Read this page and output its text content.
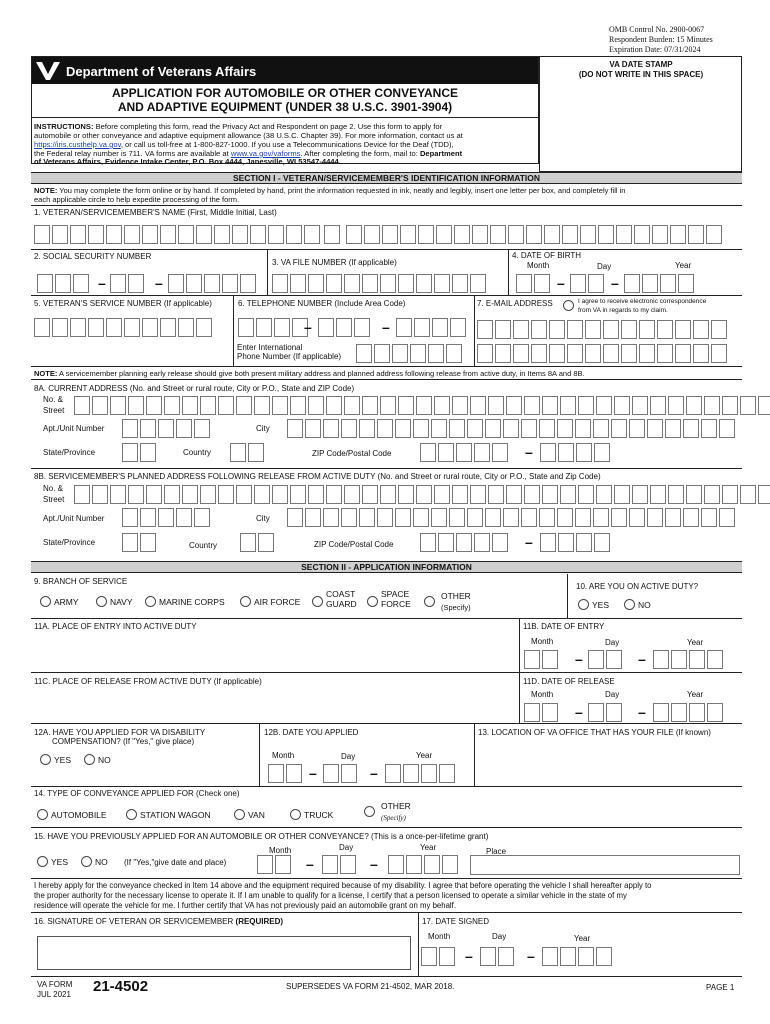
OMB Control No. 2900-0067
Respondent Burden: 15 Minutes
Expiration Date: 07/31/2024
Department of Veterans Affairs
APPLICATION FOR AUTOMOBILE OR OTHER CONVEYANCE
AND ADAPTIVE EQUIPMENT (UNDER 38 U.S.C. 3901-3904)
VA DATE STAMP
(DO NOT WRITE IN THIS SPACE)
INSTRUCTIONS: Before completing this form, read the Privacy Act and Respondent on page 2. Use this form to apply for
automobile or other conveyance and adaptive equipment allowance (38 U.S.C. Chapter 39). For more information, contact us at
https://iris.custhelp.va.gov, or call us toll-free at 1-800-827-1000. If you use a Telecommunications Device for the Deaf (TDD),
the Federal relay number is 711. VA forms are available at www.va.gov/vaforms. After completing the form, mail to: Department
of Veterans Affairs, Evidence Intake Center, P.O. Box 4444, Janesville, WI 53547-4444.
SECTION I - VETERAN/SERVICEMEMBER'S IDENTIFICATION INFORMATION
NOTE: You may complete the form online or by hand. If completed by hand, print the information requested in ink, neatly and legibly, insert one letter per box, and completely fill in
each applicable circle to help expedite processing of the form.
1. VETERAN/SERVICEMEMBER'S NAME (First, Middle Initial, Last)
2. SOCIAL SECURITY NUMBER
3. VA FILE NUMBER (If applicable)
4. DATE OF BIRTH
Month	Day	Year
–	–	–	–
5. VETERAN'S SERVICE NUMBER (If applicable)	6. TELEPHONE NUMBER (Include Area Code)	7. E-MAIL ADDRESS	I agree to receive electronic correspondence
from VA in regards to my claim.
–	–
Enter International
Phone Number (If applicable)
NOTE: A servicemember planning early release should give both present military address and planned address following release from active duty, in Items 8A and 8B.
8A. CURRENT ADDRESS (No. and Street or rural route, City or P.O., State and ZIP Code)
No. &
Street
Apt./Unit Number	City
State/Province	Country	ZIP Code/Postal Code	–
8B. SERVICEMEMBER'S PLANNED ADDRESS FOLLOWING RELEASE FROM ACTIVE DUTY (No. and Street or rural route, City or P.O., State and Zip Code)
No. &
Street
Apt./Unit Number	City
State/Province	Country	ZIP Code/Postal Code	–
SECTION II - APPLICATION INFORMATION
9. BRANCH OF SERVICE
10. ARE YOU ON ACTIVE DUTY?
ARMY	NAVY	MARINE CORPS	AIR FORCE
COAST
GUARD
SPACE
FORCE
OTHER
(Specify)	YES	NO
11A. PLACE OF ENTRY INTO ACTIVE DUTY	11B. DATE OF ENTRY
Month	Day	Year
–	–
11C. PLACE OF RELEASE FROM ACTIVE DUTY (If applicable)	11D. DATE OF RELEASE
Month	Day	Year
–	–
12A. HAVE YOU APPLIED FOR VA DISABILITY
COMPENSATION? (If "Yes," give place)
YES	NO
12B. DATE YOU APPLIED
Month	Day	Year
–	–
13. LOCATION OF VA OFFICE THAT HAS YOUR FILE (If known)
14. TYPE OF CONVEYANCE APPLIED FOR (Check one)
AUTOMOBILE	STATION WAGON	VAN	TRUCK
OTHER
(Specify)
15. HAVE YOU PREVIOUSLY APPLIED FOR AN AUTOMOBILE OR OTHER CONVEYANCE? (This is a once-per-lifetime grant)
Month	Day	Year	Place
YES	NO (If "Yes,"give date and place)	–	–
I hereby apply for the conveyance checked in Item 14 above and the equipment required because of my disability. I agree that before operating the vehicle I shall hereafter apply to
the proper authority for the necessary license to operate it. If I am unable to qualify for a license, I certify that a person licensed to operate a similar vehicle in the state of my
residence will operate the vehicle for me. I further certify that VA has not previously paid an automobile grant on my behalf.
16. SIGNATURE OF VETERAN OR SERVICEMEMBER (REQUIRED)	17. DATE SIGNED
Month	Day	Year
–	–
VA FORM
JUL 2021 21-4502	SUPERSEDES VA FORM 21-4502, MAR 2018.	PAGE 1
